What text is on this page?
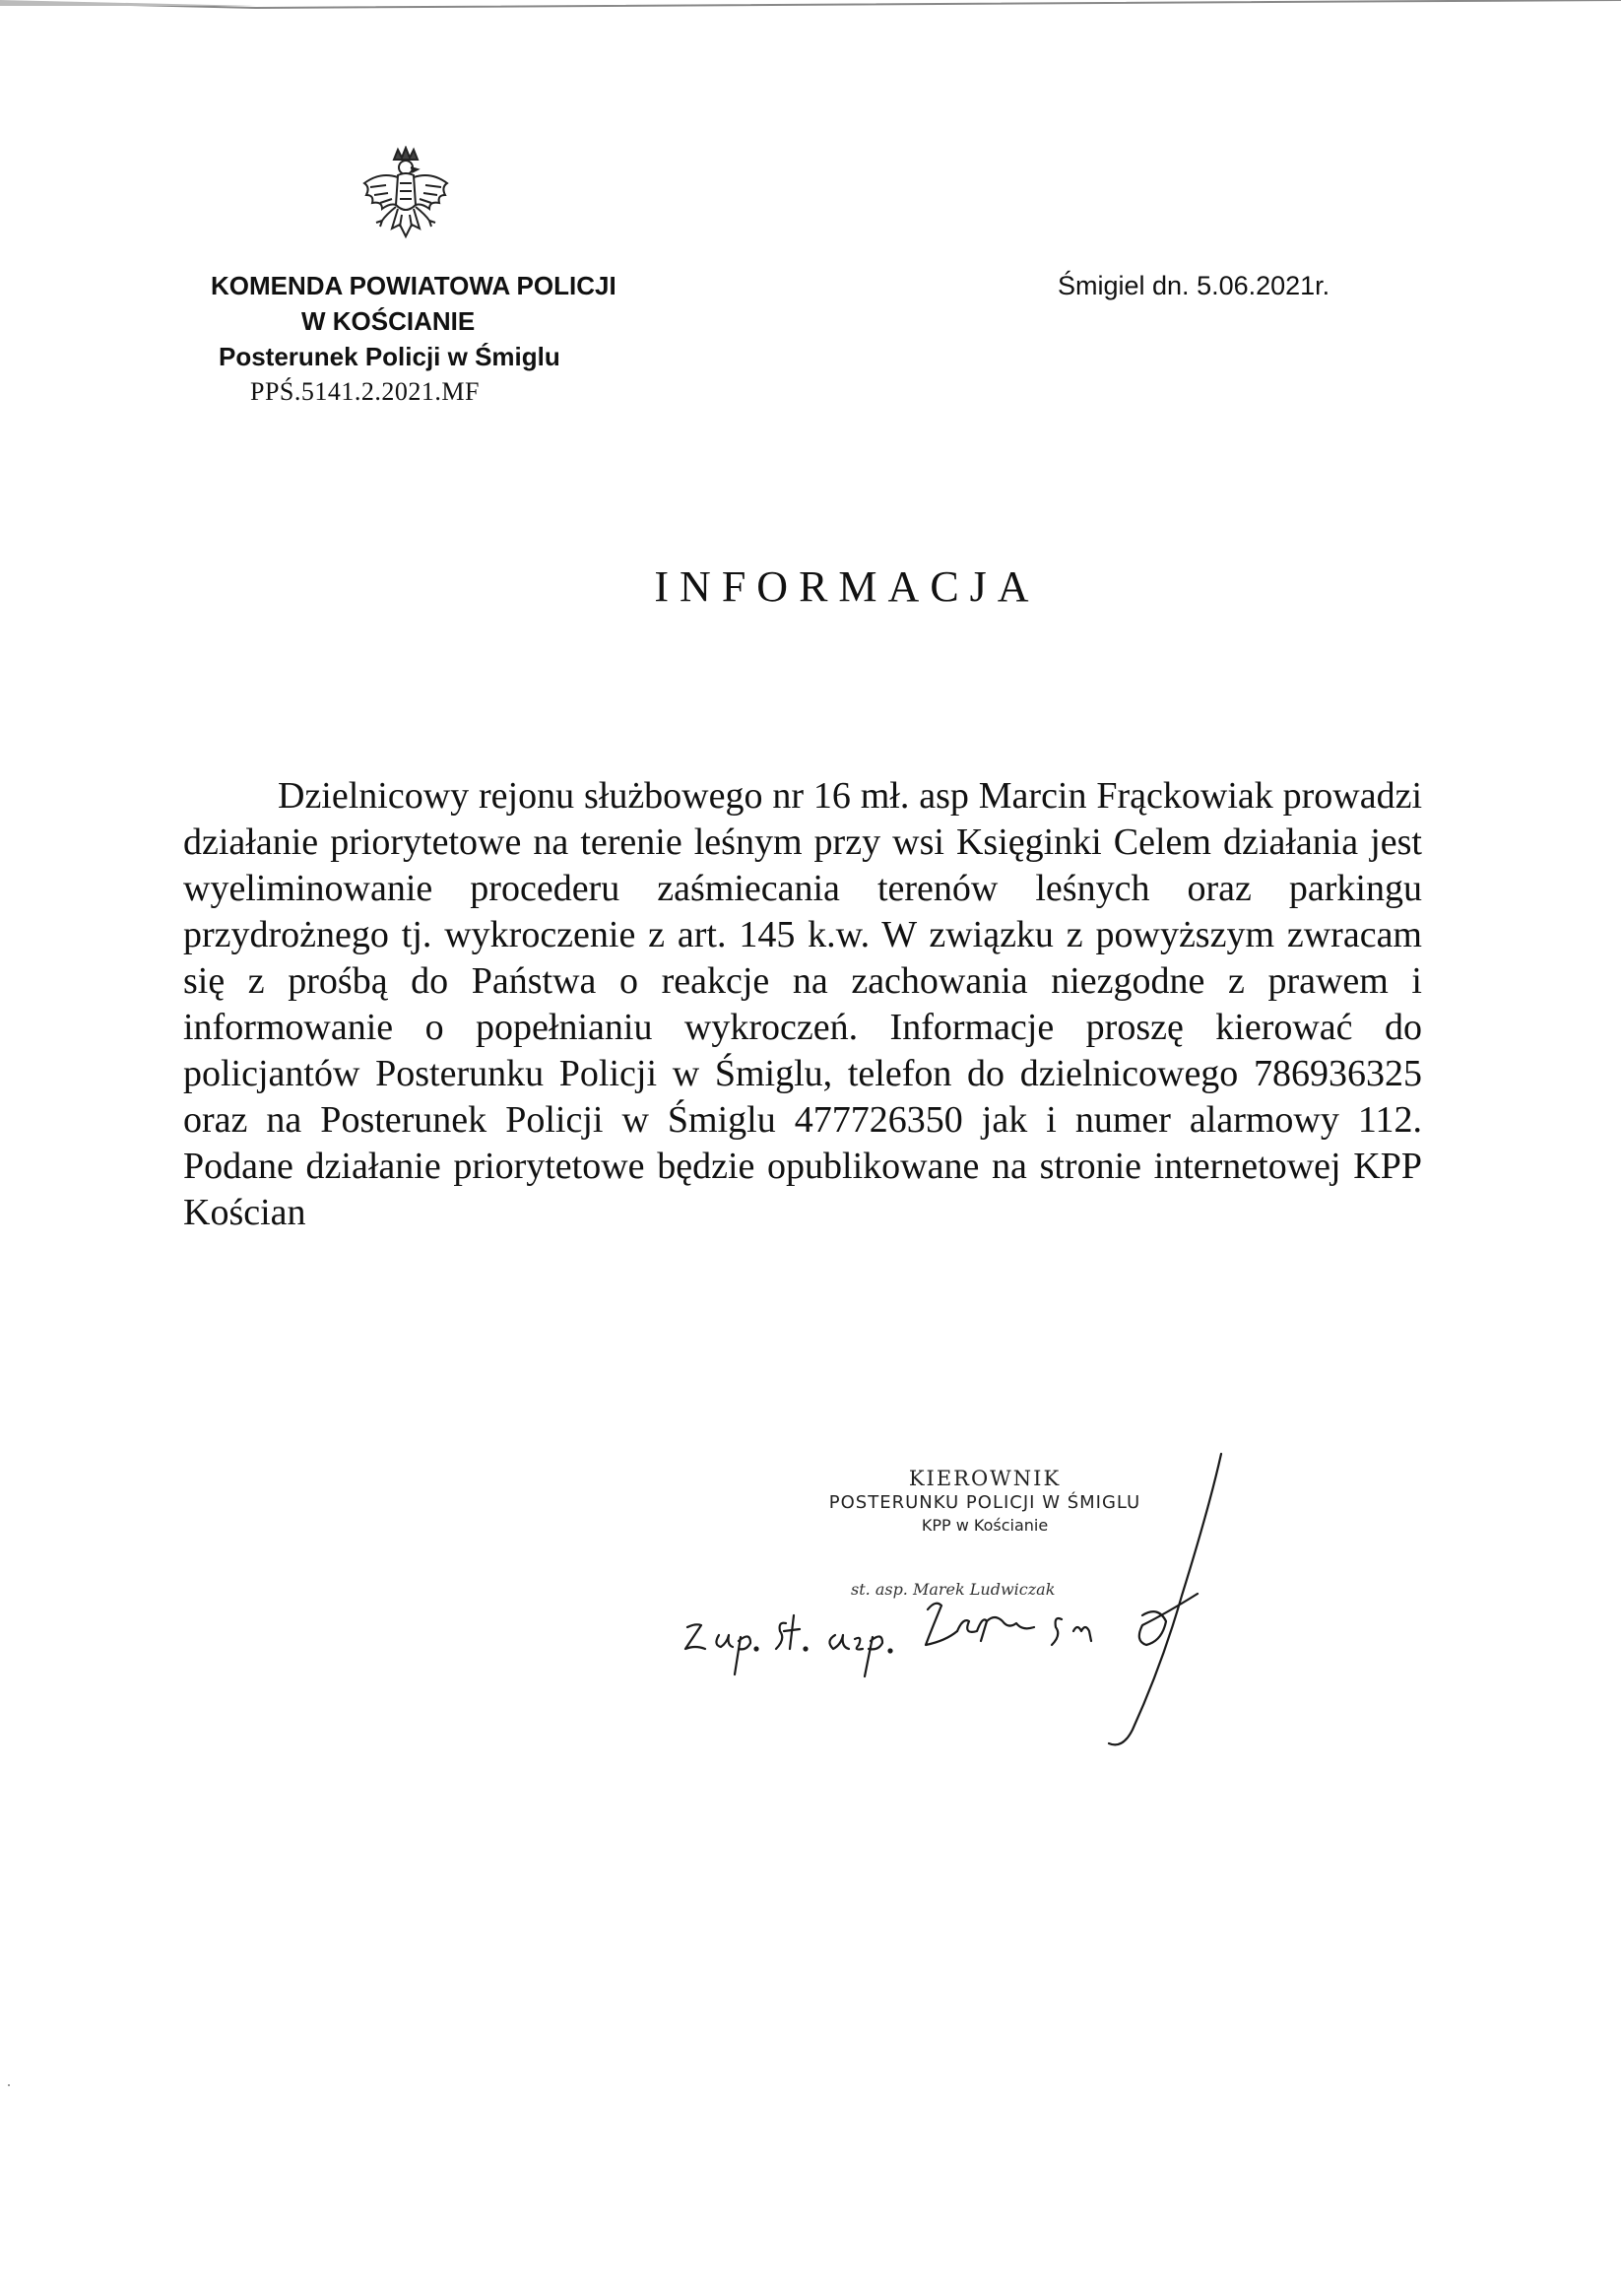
KOMENDA POWIATOWA POLICJI
W KOŚCIANIE
Posterunek Policji w Śmiglu
PPŚ.5141.2.2021.MF
Śmigiel dn. 5.06.2021r.
INFORMACJA

Dzielnicowy rejonu służbowego nr 16 mł. asp Marcin Frąckowiak prowadzi działanie priorytetowe na terenie leśnym przy wsi Księginki Celem działania jest wyeliminowanie procederu zaśmiecania terenów leśnych oraz parkingu przydrożnego tj. wykroczenie z art. 145 k.w. W związku z powyższym zwracam się z prośbą do Państwa o reakcje na zachowania niezgodne z prawem i informowanie o popełnianiu wykroczeń. Informacje proszę kierować do policjantów Posterunku Policji w Śmiglu, telefon do dzielnicowego 786936325 oraz na Posterunek Policji w Śmiglu 477726350 jak i numer alarmowy 112. Podane działanie priorytetowe będzie opublikowane na stronie internetowej KPP Kościan

KIEROWNIK
POSTERUNKU POLICJI W ŚMIGLU
KPP w Kościanie
st. asp. Marek Ludwiczak
